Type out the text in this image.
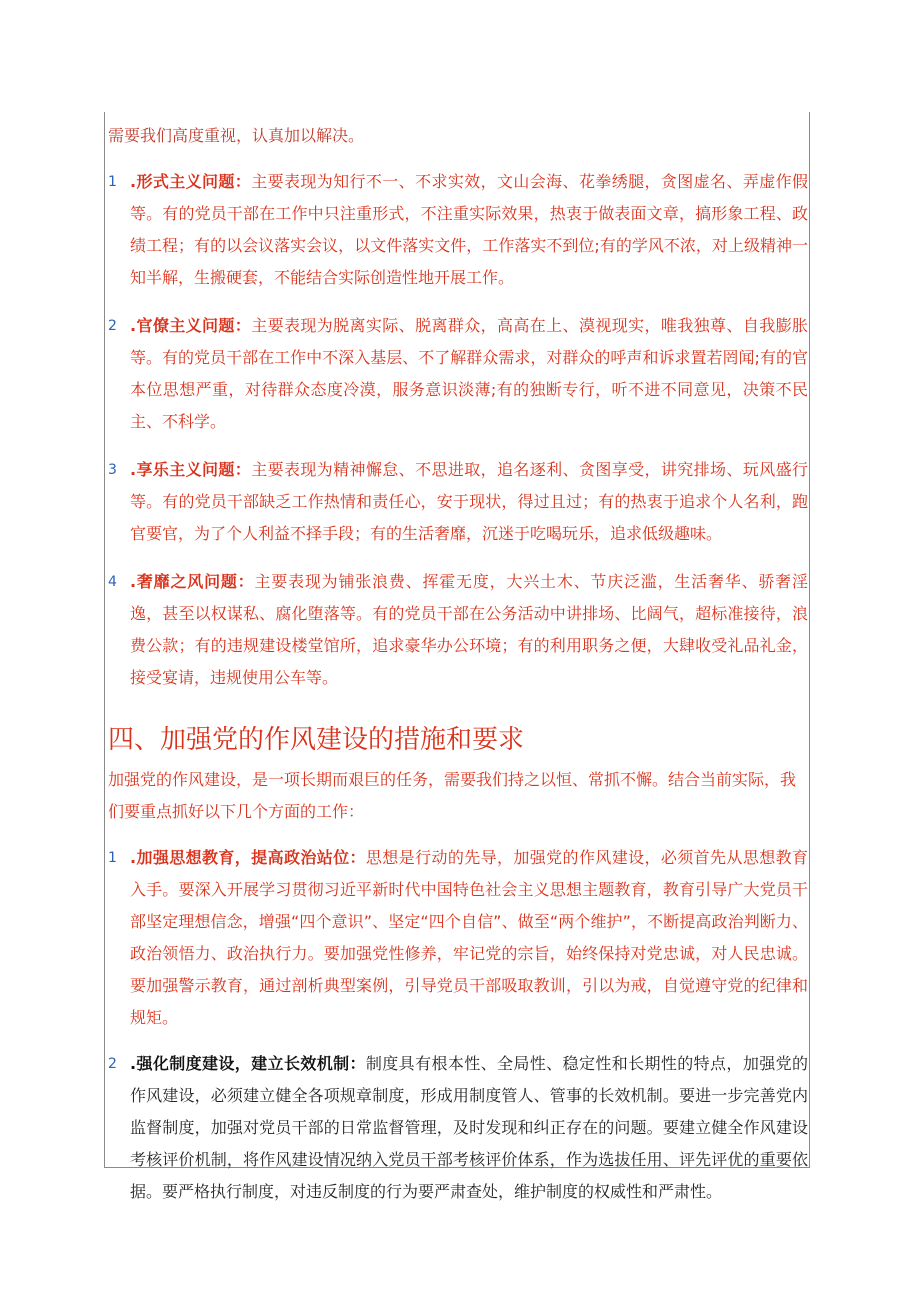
需要我们高度重视，认真加以解决。

1 .形式主义问题：主要表现为知行不一、不求实效，文山会海、花拳绣腿，贪图虚名、弄虚作假等。有的党员干部在工作中只注重形式，不注重实际效果，热衷于做表面文章，搞形象工程、政绩工程；有的以会议落实会议，以文件落实文件，工作落实不到位;有的学风不浓，对上级精神一知半解，生搬硬套，不能结合实际创造性地开展工作。

2 .官僚主义问题：主要表现为脱离实际、脱离群众，高高在上、漠视现实，唯我独尊、自我膨胀等。有的党员干部在工作中不深入基层、不了解群众需求，对群众的呼声和诉求置若罔闻;有的官本位思想严重，对待群众态度冷漠，服务意识淡薄;有的独断专行，听不进不同意见，决策不民主、不科学。

3 .享乐主义问题：主要表现为精神懈怠、不思进取，追名逐利、贪图享受，讲究排场、玩风盛行等。有的党员干部缺乏工作热情和责任心，安于现状，得过且过；有的热衷于追求个人名利，跑官要官，为了个人利益不择手段；有的生活奢靡，沉迷于吃喝玩乐，追求低级趣味。

4 .奢靡之风问题：主要表现为铺张浪费、挥霍无度，大兴土木、节庆泛滥，生活奢华、骄奢淫逸，甚至以权谋私、腐化堕落等。有的党员干部在公务活动中讲排场、比阔气，超标准接待，浪费公款；有的违规建设楼堂馆所，追求豪华办公环境；有的利用职务之便，大肆收受礼品礼金，接受宴请，违规使用公车等。

四、加强党的作风建设的措施和要求

加强党的作风建设，是一项长期而艰巨的任务，需要我们持之以恒、常抓不懈。结合当前实际，我们要重点抓好以下几个方面的工作：

1 .加强思想教育，提高政治站位：思想是行动的先导，加强党的作风建设，必须首先从思想教育入手。要深入开展学习贯彻习近平新时代中国特色社会主义思想主题教育，教育引导广大党员干部坚定理想信念，增强“四个意识”、坚定“四个自信”、做至“两个维护”，不断提高政治判断力、政治领悟力、政治执行力。要加强党性修养，牢记党的宗旨，始终保持对党忠诚，对人民忠诚。要加强警示教育，通过剖析典型案例，引导党员干部吸取教训，引以为戒，自觉遵守党的纪律和规矩。

2 .强化制度建设，建立长效机制：制度具有根本性、全局性、稳定性和长期性的特点，加强党的作风建设，必须建立健全各项规章制度，形成用制度管人、管事的长效机制。要进一步完善党内监督制度，加强对党员干部的日常监督管理，及时发现和纠正存在的问题。要建立健全作风建设考核评价机制，将作风建设情况纳入党员干部考核评价体系，作为选拔任用、评先评优的重要依据。要严格执行制度，对违反制度的行为要严肃查处，维护制度的权威性和严肃性。
